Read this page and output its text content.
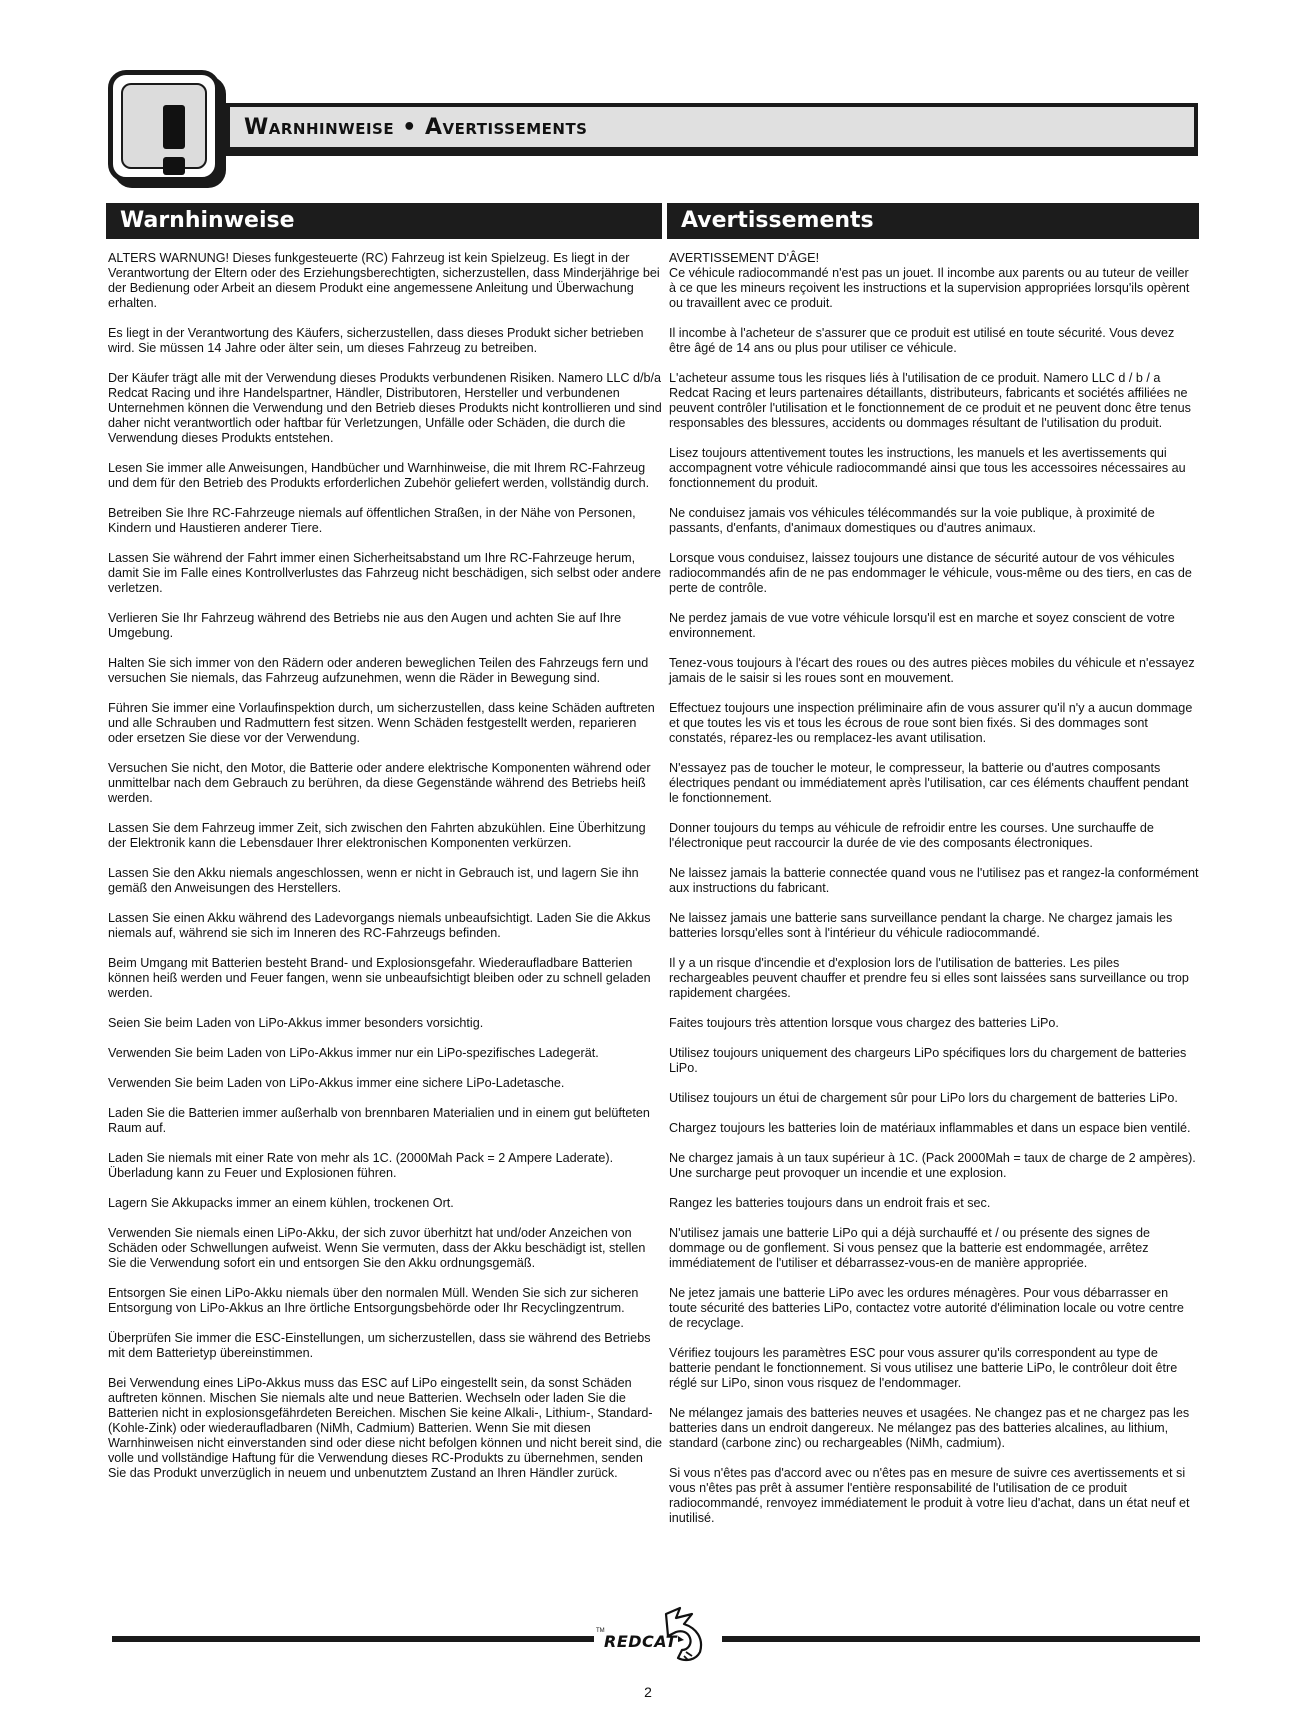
Warnhinweise • Avertissements
Warnhinweise

ALTERS WARNUNG! Dieses funkgesteuerte (RC) Fahrzeug ist kein Spielzeug. Es liegt in der Verantwortung der Eltern oder des Erziehungsberechtigten, sicherzustellen, dass Minderjährige bei der Bedienung oder Arbeit an diesem Produkt eine angemessene Anleitung und Überwachung erhalten.

Es liegt in der Verantwortung des Käufers, sicherzustellen, dass dieses Produkt sicher betrieben wird. Sie müssen 14 Jahre oder älter sein, um dieses Fahrzeug zu betreiben.

Der Käufer trägt alle mit der Verwendung dieses Produkts verbundenen Risiken. Namero LLC d/b/a Redcat Racing und ihre Handelspartner, Händler, Distributoren, Hersteller und verbundenen Unternehmen können die Verwendung und den Betrieb dieses Produkts nicht kontrollieren und sind daher nicht verantwortlich oder haftbar für Verletzungen, Unfälle oder Schäden, die durch die Verwendung dieses Produkts entstehen.

Lesen Sie immer alle Anweisungen, Handbücher und Warnhinweise, die mit Ihrem RC-Fahrzeug und dem für den Betrieb des Produkts erforderlichen Zubehör geliefert werden, vollständig durch.

Betreiben Sie Ihre RC-Fahrzeuge niemals auf öffentlichen Straßen, in der Nähe von Personen, Kindern und Haustieren anderer Tiere.

Lassen Sie während der Fahrt immer einen Sicherheitsabstand um Ihre RC-Fahrzeuge herum, damit Sie im Falle eines Kontrollverlustes das Fahrzeug nicht beschädigen, sich selbst oder andere verletzen.

Verlieren Sie Ihr Fahrzeug während des Betriebs nie aus den Augen und achten Sie auf Ihre Umgebung.

Halten Sie sich immer von den Rädern oder anderen beweglichen Teilen des Fahrzeugs fern und versuchen Sie niemals, das Fahrzeug aufzunehmen, wenn die Räder in Bewegung sind.

Führen Sie immer eine Vorlaufinspektion durch, um sicherzustellen, dass keine Schäden auftreten und alle Schrauben und Radmuttern fest sitzen. Wenn Schäden festgestellt werden, reparieren oder ersetzen Sie diese vor der Verwendung.

Versuchen Sie nicht, den Motor, die Batterie oder andere elektrische Komponenten während oder unmittelbar nach dem Gebrauch zu berühren, da diese Gegenstände während des Betriebs heiß werden.

Lassen Sie dem Fahrzeug immer Zeit, sich zwischen den Fahrten abzukühlen. Eine Überhitzung der Elektronik kann die Lebensdauer Ihrer elektronischen Komponenten verkürzen.

Lassen Sie den Akku niemals angeschlossen, wenn er nicht in Gebrauch ist, und lagern Sie ihn gemäß den Anweisungen des Herstellers.

Lassen Sie einen Akku während des Ladevorgangs niemals unbeaufsichtigt. Laden Sie die Akkus niemals auf, während sie sich im Inneren des RC-Fahrzeugs befinden.

Beim Umgang mit Batterien besteht Brand- und Explosionsgefahr. Wiederaufladbare Batterien können heiß werden und Feuer fangen, wenn sie unbeaufsichtigt bleiben oder zu schnell geladen werden.

Seien Sie beim Laden von LiPo-Akkus immer besonders vorsichtig.

Verwenden Sie beim Laden von LiPo-Akkus immer nur ein LiPo-spezifisches Ladegerät.

Verwenden Sie beim Laden von LiPo-Akkus immer eine sichere LiPo-Ladetasche.

Laden Sie die Batterien immer außerhalb von brennbaren Materialien und in einem gut belüfteten Raum auf.

Laden Sie niemals mit einer Rate von mehr als 1C. (2000Mah Pack = 2 Ampere Laderate). Überladung kann zu Feuer und Explosionen führen.

Lagern Sie Akkupacks immer an einem kühlen, trockenen Ort.

Verwenden Sie niemals einen LiPo-Akku, der sich zuvor überhitzt hat und/oder Anzeichen von Schäden oder Schwellungen aufweist. Wenn Sie vermuten, dass der Akku beschädigt ist, stellen Sie die Verwendung sofort ein und entsorgen Sie den Akku ordnungsgemäß.

Entsorgen Sie einen LiPo-Akku niemals über den normalen Müll. Wenden Sie sich zur sicheren Entsorgung von LiPo-Akkus an Ihre örtliche Entsorgungsbehörde oder Ihr Recyclingzentrum.

Überprüfen Sie immer die ESC-Einstellungen, um sicherzustellen, dass sie während des Betriebs mit dem Batterietyp übereinstimmen.

Bei Verwendung eines LiPo-Akkus muss das ESC auf LiPo eingestellt sein, da sonst Schäden auftreten können. Mischen Sie niemals alte und neue Batterien. Wechseln oder laden Sie die Batterien nicht in explosionsgefährdeten Bereichen. Mischen Sie keine Alkali-, Lithium-, Standard- (Kohle-Zink) oder wiederaufladbaren (NiMh, Cadmium) Batterien. Wenn Sie mit diesen Warnhinweisen nicht einverstanden sind oder diese nicht befolgen können und nicht bereit sind, die volle und vollständige Haftung für die Verwendung dieses RC-Produkts zu übernehmen, senden Sie das Produkt unverzüglich in neuem und unbenutztem Zustand an Ihren Händler zurück.

Avertissements

AVERTISSEMENT D'ÂGE!
Ce véhicule radiocommandé n'est pas un jouet. Il incombe aux parents ou au tuteur de veiller à ce que les mineurs reçoivent les instructions et la supervision appropriées lorsqu'ils opèrent ou travaillent avec ce produit.

Il incombe à l'acheteur de s'assurer que ce produit est utilisé en toute sécurité. Vous devez être âgé de 14 ans ou plus pour utiliser ce véhicule.

L'acheteur assume tous les risques liés à l'utilisation de ce produit. Namero LLC d / b / a Redcat Racing et leurs partenaires détaillants, distributeurs, fabricants et sociétés affiliées ne peuvent contrôler l'utilisation et le fonctionnement de ce produit et ne peuvent donc être tenus responsables des blessures, accidents ou dommages résultant de l'utilisation du produit.

Lisez toujours attentivement toutes les instructions, les manuels et les avertissements qui accompagnent votre véhicule radiocommandé ainsi que tous les accessoires nécessaires au fonctionnement du produit.

Ne conduisez jamais vos véhicules télécommandés sur la voie publique, à proximité de passants, d'enfants, d'animaux domestiques ou d'autres animaux.

Lorsque vous conduisez, laissez toujours une distance de sécurité autour de vos véhicules radiocommandés afin de ne pas endommager le véhicule, vous-même ou des tiers, en cas de perte de contrôle.

Ne perdez jamais de vue votre véhicule lorsqu'il est en marche et soyez conscient de votre environnement.

Tenez-vous toujours à l'écart des roues ou des autres pièces mobiles du véhicule et n'essayez jamais de le saisir si les roues sont en mouvement.

Effectuez toujours une inspection préliminaire afin de vous assurer qu'il n'y a aucun dommage et que toutes les vis et tous les écrous de roue sont bien fixés. Si des dommages sont constatés, réparez-les ou remplacez-les avant utilisation.

N'essayez pas de toucher le moteur, le compresseur, la batterie ou d'autres composants électriques pendant ou immédiatement après l'utilisation, car ces éléments chauffent pendant le fonctionnement.

Donner toujours du temps au véhicule de refroidir entre les courses. Une surchauffe de l'électronique peut raccourcir la durée de vie des composants électroniques.

Ne laissez jamais la batterie connectée quand vous ne l'utilisez pas et rangez-la conformément aux instructions du fabricant.

Ne laissez jamais une batterie sans surveillance pendant la charge. Ne chargez jamais les batteries lorsqu'elles sont à l'intérieur du véhicule radiocommandé.

Il y a un risque d'incendie et d'explosion lors de l'utilisation de batteries. Les piles rechargeables peuvent chauffer et prendre feu si elles sont laissées sans surveillance ou trop rapidement chargées.

Faites toujours très attention lorsque vous chargez des batteries LiPo.

Utilisez toujours uniquement des chargeurs LiPo spécifiques lors du chargement de batteries LiPo.

Utilisez toujours un étui de chargement sûr pour LiPo lors du chargement de batteries LiPo.

Chargez toujours les batteries loin de matériaux inflammables et dans un espace bien ventilé.

Ne chargez jamais à un taux supérieur à 1C. (Pack 2000Mah = taux de charge de 2 ampères). Une surcharge peut provoquer un incendie et une explosion.

Rangez les batteries toujours dans un endroit frais et sec.

N'utilisez jamais une batterie LiPo qui a déjà surchauffé et / ou présente des signes de dommage ou de gonflement. Si vous pensez que la batterie est endommagée, arrêtez immédiatement de l'utiliser et débarrassez-vous-en de manière appropriée.

Ne jetez jamais une batterie LiPo avec les ordures ménagères. Pour vous débarrasser en toute sécurité des batteries LiPo, contactez votre autorité d'élimination locale ou votre centre de recyclage.

Vérifiez toujours les paramètres ESC pour vous assurer qu'ils correspondent au type de batterie pendant le fonctionnement. Si vous utilisez une batterie LiPo, le contrôleur doit être réglé sur LiPo, sinon vous risquez de l'endommager.

Ne mélangez jamais des batteries neuves et usagées. Ne changez pas et ne chargez pas les batteries dans un endroit dangereux. Ne mélangez pas des batteries alcalines, au lithium, standard (carbone zinc) ou rechargeables (NiMh, cadmium).

Si vous n'êtes pas d'accord avec ou n'êtes pas en mesure de suivre ces avertissements et si vous n'êtes pas prêt à assumer l'entière responsabilité de l'utilisation de ce produit radiocommandé, renvoyez immédiatement le produit à votre lieu d'achat, dans un état neuf et inutilisé.

TM
REDCAT
2
